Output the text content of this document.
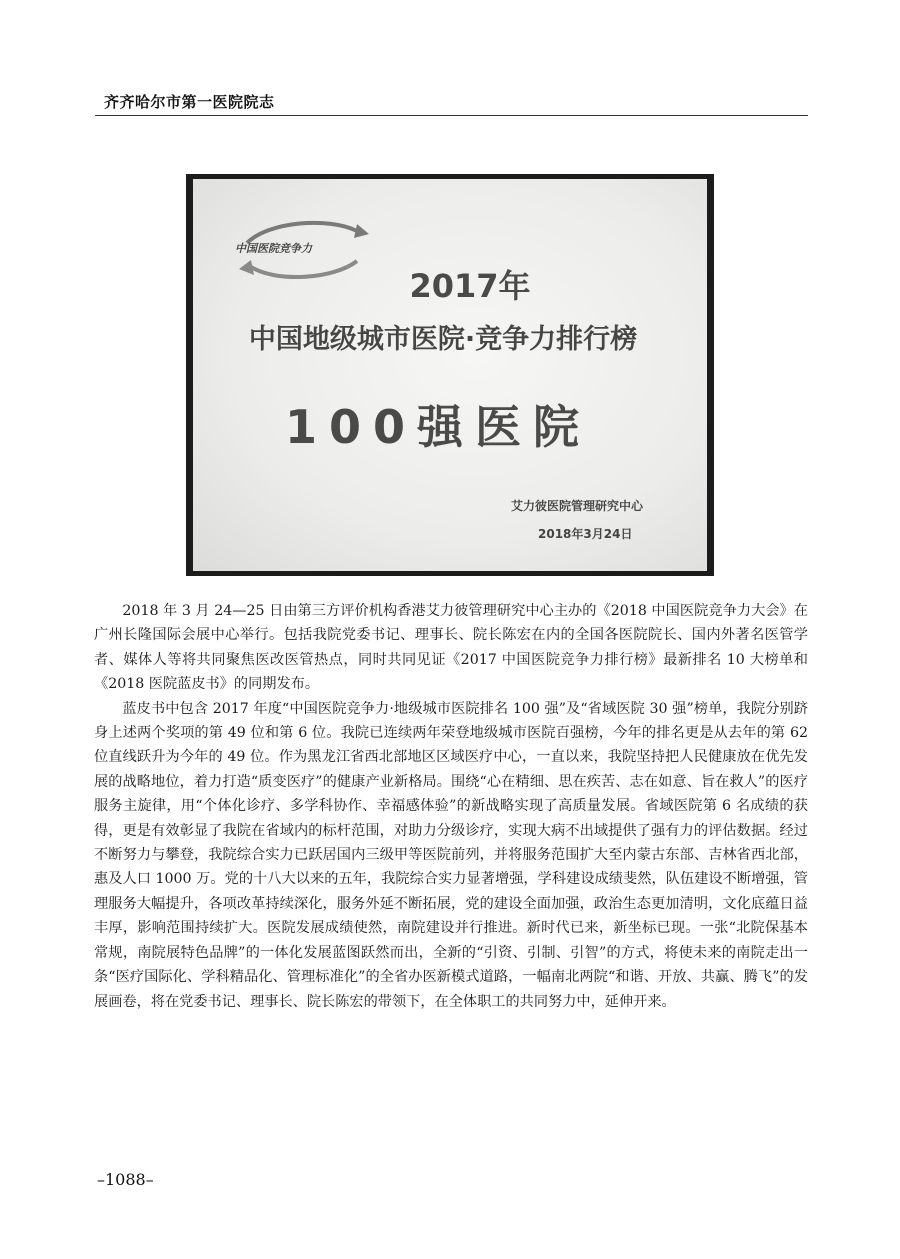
齐齐哈尔市第一医院院志
中国医院竞争力
2017年
中国地级城市医院·竞争力排行榜
100强医院
艾力彼医院管理研究中心
2018年3月24日

2018 年 3 月 24—25 日由第三方评价机构香港艾力彼管理研究中心主办的《2018 中国医院竞争力大会》在广州长隆国际会展中心举行。包括我院党委书记、理事长、院长陈宏在内的全国各医院院长、国内外著名医管学者、媒体人等将共同聚焦医改医管热点，同时共同见证《2017 中国医院竞争力排行榜》最新排名 10 大榜单和《2018 医院蓝皮书》的同期发布。

蓝皮书中包含 2017 年度“中国医院竞争力·地级城市医院排名 100 强”及“省域医院 30 强”榜单，我院分别跻身上述两个奖项的第 49 位和第 6 位。我院已连续两年荣登地级城市医院百强榜，今年的排名更是从去年的第 62 位直线跃升为今年的 49 位。作为黑龙江省西北部地区区域医疗中心，一直以来，我院坚持把人民健康放在优先发展的战略地位，着力打造“质变医疗”的健康产业新格局。围绕“心在精细、思在疾苦、志在如意、旨在救人”的医疗服务主旋律，用“个体化诊疗、多学科协作、幸福感体验”的新战略实现了高质量发展。省域医院第 6 名成绩的获得，更是有效彰显了我院在省域内的标杆范围，对助力分级诊疗，实现大病不出域提供了强有力的评估数据。经过不断努力与攀登，我院综合实力已跃居国内三级甲等医院前列，并将服务范围扩大至内蒙古东部、吉林省西北部，惠及人口 1000 万。党的十八大以来的五年，我院综合实力显著增强，学科建设成绩斐然，队伍建设不断增强，管理服务大幅提升，各项改革持续深化，服务外延不断拓展，党的建设全面加强，政治生态更加清明，文化底蕴日益丰厚，影响范围持续扩大。医院发展成绩使然，南院建设并行推进。新时代已来，新坐标已现。一张“北院保基本常规，南院展特色品牌”的一体化发展蓝图跃然而出，全新的“引资、引制、引智”的方式，将使未来的南院走出一条“医疗国际化、学科精品化、管理标准化”的全省办医新模式道路，一幅南北两院“和谐、开放、共赢、腾飞”的发展画卷，将在党委书记、理事长、院长陈宏的带领下，在全体职工的共同努力中，延伸开来。

–1088–
